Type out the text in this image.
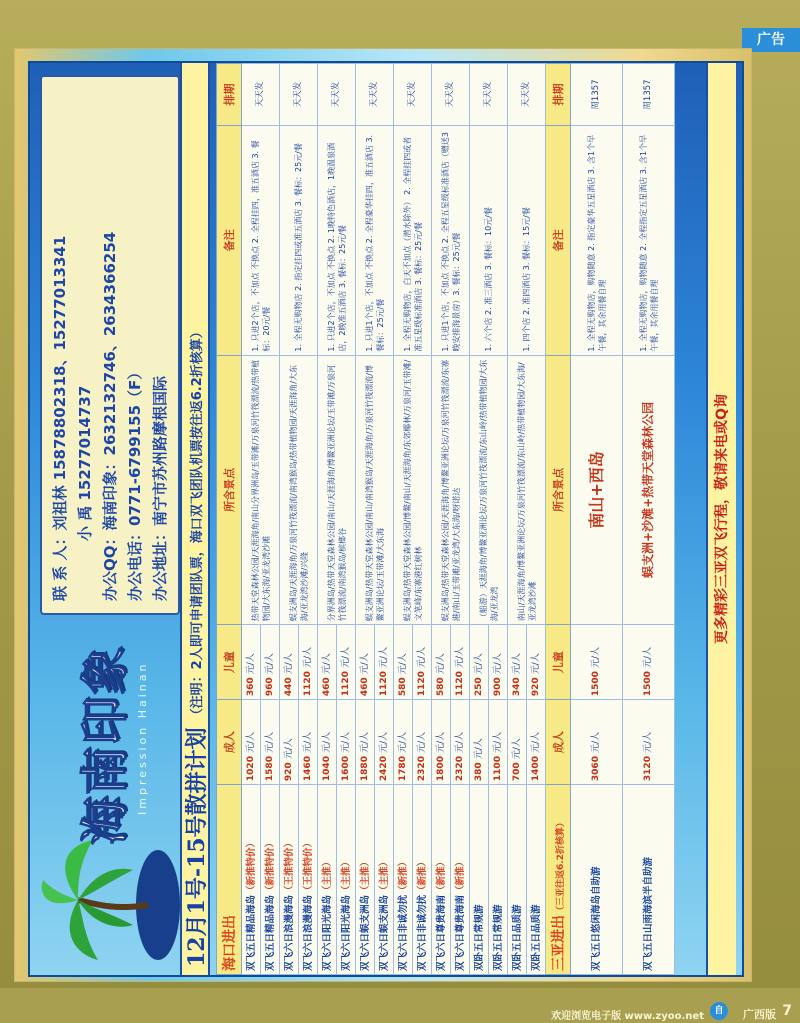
广告
海南印象 Impression Hainan
联 系 人：刘祖林 15878802318、15277013341 小 禹 15277014737 办公QQ：海南印象：2632132746、2634366254 办公电话：0771-6799155（F） 办公地址：南宁市苏州路摩根国际
12月1号-15号散拼计划
（注明：2人即可申请团队票，海口双飞团队机票按往返6.2折核算）
海口进出	成人	儿童	所含景点	备注	排期
双飞五日精品海岛（新推特价）	1020 元/人	360 元/人	热带天堂森林公园/天涯海角/南山分界洲岛/玉带滩/万泉河竹筏漂流/热带植物园/大东海/亚龙湾沙滩	1. 只进2个店，不加点 不换点 2. 全程挂四，准五酒店 3. 餐标：20元/餐	天天发
双飞五日精品海岛（新推特价）	1580 元/人	960 元/人			
双飞六日浪漫海岛（王推特价）	920 元/人	440 元/人	蜈支洲岛/天涯海角/万泉河竹筏漂流/南湾猴岛/热带植物园/天涯海角/大东海/亚龙湾沙滩/兴隆	1. 全程无购物店 2. 指定挂四或准五酒店 3. 餐标：25元/餐	天天发
双飞六日浪漫海岛（王推特价）	1460 元/人	1120 元/人			
双飞六日阳光海岛（主推）	1040 元/人	460 元/人	分界洲岛/热带天堂森林公园/南山/天涯海角/博鳌亚洲论坛/玉带滩/万泉河竹筏漂流/南湾猴岛/槟榔谷	1. 只进2个店，不加点 不换点 2. 1晚特色酒店，1晚温泉酒店，2晚准五酒店 3. 餐标：25元/餐	天天发
双飞六日阳光海岛（主推）	1600 元/人	1120 元/人			
双飞六日蜈支洲岛（主推）	1880 元/人	460 元/人	蜈支洲岛/热带天堂森林公园/南山/南湾猴岛/天涯海角/万泉河竹筏漂流/博鳌亚洲论坛/玉带滩/大东海	1. 只进1个店，不加点 不换点 2. 全程豪华挂四，准五酒店 3. 餐标：25元/餐	天天发
双飞六日蜈支洲岛（主推）	2420 元/人	1120 元/人			
双飞六日非诚勿扰（新推）	1780 元/人	580 元/人	蜈支洲岛/热带天堂森林公园/博鳌/南山/天涯海角/东郊椰林/万泉河/玉带滩/文笔峰/东寨港红树林	1. 全程无购物店，白天不加点（潜水除外） 2. 全程挂四或者准五星级标准酒店 3. 餐标：25元/餐	天天发
双飞六日非诚勿扰（新推）	2320 元/人	1120 元/人			
双飞六日尊贵海南（新推）	1800 元/人	580 元/人	蜈支洲岛/热带天堂森林公园/天涯海角/博鳌亚洲论坛/万泉河竹筏漂流/东寨港/南山/玉带滩/亚龙湾/大东海/呀诺达	1. 只进1个店，不加点 不换点 2. 全程五星级标准酒店（赠送3晚安排海景房）3. 餐标：25元/餐	天天发
双飞六日尊贵海南（新推）	2320 元/人	1120 元/人			
双卧五日常规游	380 元/人	250 元/人	（船游）天涯海角/博鳌亚洲论坛/万泉河竹筏漂流/东山岭/热带植物园/大东海/亚龙湾	1. 六个店 2. 准三酒店 3. 餐标：10元/餐	天天发
双卧五日常规游	1100 元/人	900 元/人			
双卧五日品质游	700 元/人	340 元/人	南山/天涯海角/博鳌亚洲论坛/万泉河竹筏漂流/东山岭/热带植物园/大东海/亚龙湾沙滩	1. 四个店 2. 准四酒店 3. 餐标：15元/餐	天天发
双卧五日品质游	1400 元/人	920 元/人			
三亚进出（三亚往返6.2折核算）	成人	儿童	所含景点	备注	排期
双飞五日悠闲海岛自助游	3060 元/人	1500 元/人	南山+西岛	1. 全程无购物店，购物随意 2. 指定豪华五星酒店 3. 含1个早午餐，其余用餐自理	周1357
双飞五日山雨海滨半自助游	3120 元/人	1500 元/人	蜈支洲+沙滩+热带天堂森林公园	1. 全程无购物店，购物随意 2. 全程指定五星酒店 3. 含1个早午餐，其余用餐自理	周1357
更多精彩三亚双飞行程，敬请来电或Q询
欢迎浏览电子版 www.zyoo.net	自	广西版 7
